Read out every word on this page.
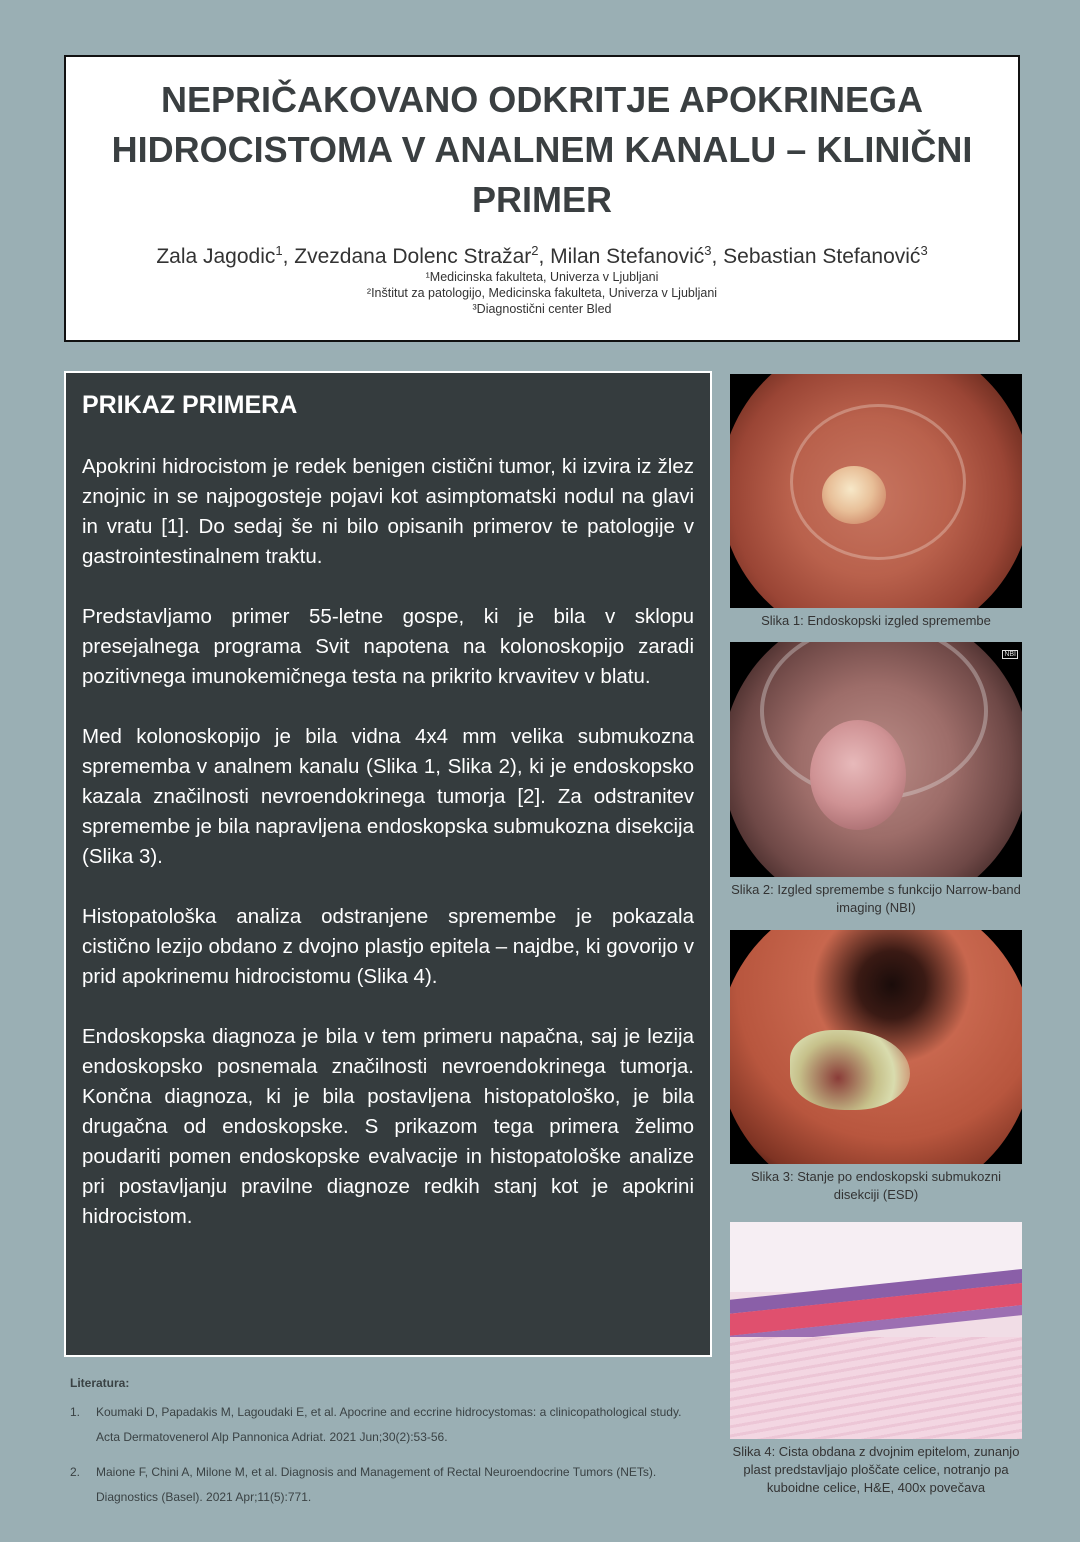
NEPRIČAKOVANO ODKRITJE APOKRINEGA
HIDROCISTOMA V ANALNEM KANALU – KLINIČNI
PRIMER
Zala Jagodic$^1$, Zvezdana Dolenc Stražar$^2$, Milan Stefanović$^3$, Sebastian Stefanović$^3$
¹Medicinska fakulteta, Univerza v Ljubljani
²Inštitut za patologijo, Medicinska fakulteta, Univerza v Ljubljani
³Diagnostični center Bled
PRIKAZ PRIMERA

Apokrini hidrocistom je redek benigen cistični tumor, ki izvira iz žlez znojnic in se najpogosteje pojavi kot asimptomatski nodul na glavi in vratu [1]. Do sedaj še ni bilo opisanih primerov te patologije v gastrointestinalnem traktu.

Predstavljamo primer 55-letne gospe, ki je bila v sklopu presejalnega programa Svit napotena na kolonoskopijo zaradi pozitivnega imunokemičnega testa na prikrito krvavitev v blatu.

Med kolonoskopijo je bila vidna 4x4 mm velika submukozna sprememba v analnem kanalu (Slika 1, Slika 2), ki je endoskopsko kazala značilnosti nevroendokrinega tumorja [2]. Za odstranitev spremembe je bila napravljena endoskopska submukozna disekcija (Slika 3).

Histopatološka analiza odstranjene spremembe je pokazala cistično lezijo obdano z dvojno plastjo epitela – najdbe, ki govorijo v prid apokrinemu hidrocistomu (Slika 4).

Endoskopska diagnoza je bila v tem primeru napačna, saj je lezija endoskopsko posnemala značilnosti nevroendokrinega tumorja. Končna diagnoza, ki je bila postavljena histopatološko, je bila drugačna od endoskopske. S prikazom tega primera želimo poudariti pomen endoskopske evalvacije in histopatološke analize pri postavljanju pravilne diagnoze redkih stanj kot je apokrini hidrocistom.

Literatura:
1.	Koumaki D, Papadakis M, Lagoudaki E, et al. Apocrine and eccrine hidrocystomas: a clinicopathological study. Acta Dermatovenerol Alp Pannonica Adriat. 2021 Jun;30(2):53-56.
2.	Maione F, Chini A, Milone M, et al. Diagnosis and Management of Rectal Neuroendocrine Tumors (NETs). Diagnostics (Basel). 2021 Apr;11(5):771.
Slika 1: Endoskopski izgled spremembe
NBI
Slika 2: Izgled spremembe s funkcijo Narrow-band imaging (NBI)
Slika 3: Stanje po endoskopski submukozni disekciji (ESD)
Slika 4: Cista obdana z dvojnim epitelom, zunanjo plast predstavljajo ploščate celice, notranjo pa kuboidne celice, H&E, 400x povečava
